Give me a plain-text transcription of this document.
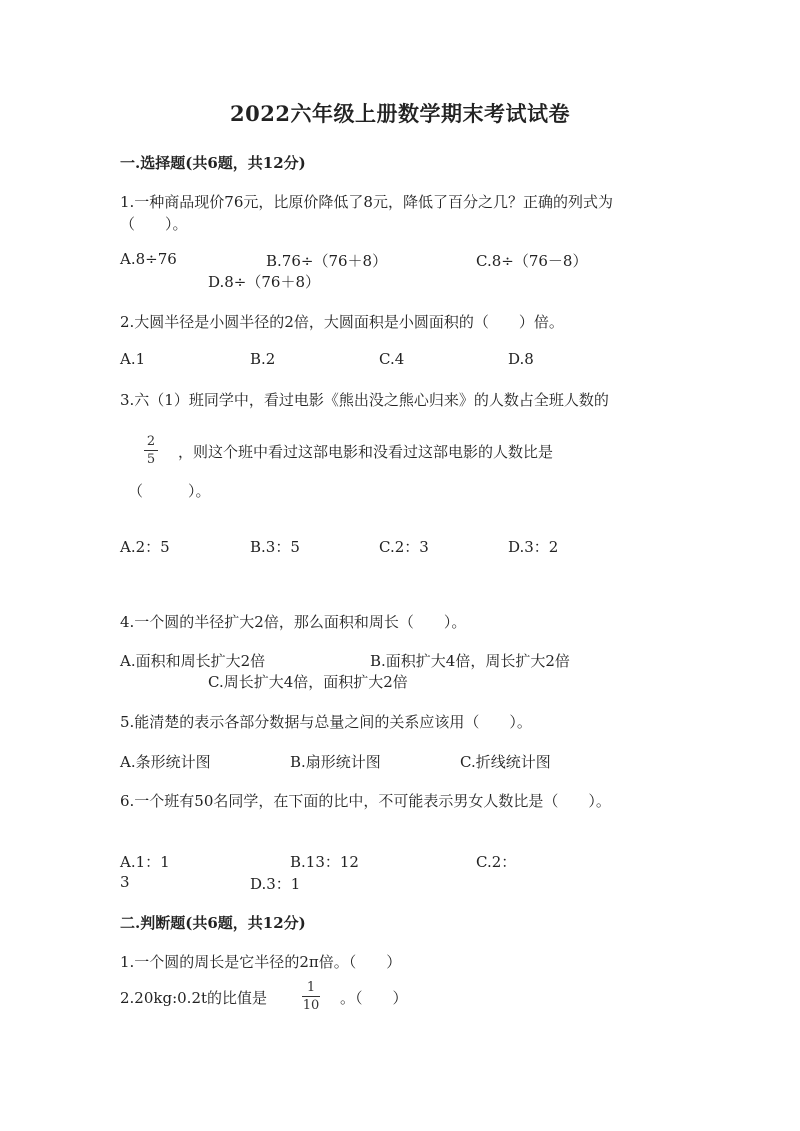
2022六年级上册数学期末考试试卷
一.选择题(共6题，共12分)
1.一种商品现价76元，比原价降低了8元，降低了百分之几？正确的列式为
（　　）。
A.8÷76	B.76÷（76＋8）	C.8÷（76－8）
D.8÷（76＋8）
2.大圆半径是小圆半径的2倍，大圆面积是小圆面积的（　　）倍。
A.1	B.2	C.4	D.8
3.六（1）班同学中，看过电影《熊出没之熊心归来》的人数占全班人数的
2
5 ，则这个班中看过这部电影和没看过这部电影的人数比是
（　　　）。
A.2：5	B.3：5	C.2：3	D.3：2
4.一个圆的半径扩大2倍，那么面积和周长（　　）。
A.面积和周长扩大2倍	B.面积扩大4倍，周长扩大2倍
C.周长扩大4倍，面积扩大2倍
5.能清楚的表示各部分数据与总量之间的关系应该用（　　）。
A.条形统计图	B.扇形统计图	C.折线统计图
6.一个班有50名同学，在下面的比中，不可能表示男女人数比是（　　）。
A.1：1	B.13：12	C.2：
3	D.3：1
二.判断题(共6题，共12分)
1.一个圆的周长是它半径的2π倍。（　　）
2.20kg:0.2t的比值是
1
10 。（　　）
